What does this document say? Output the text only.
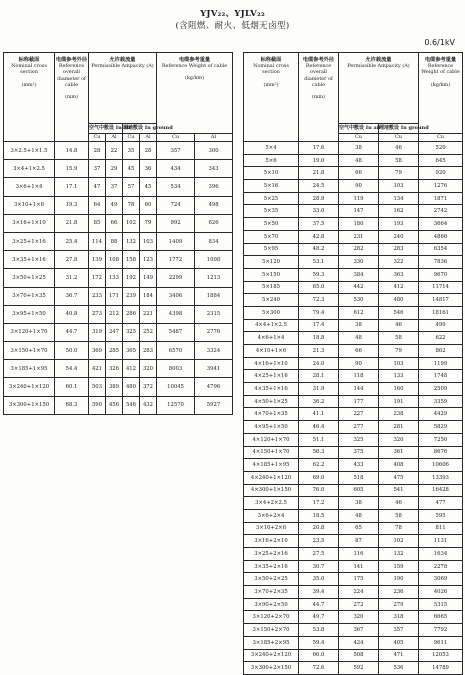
YJV₂₂、YJLV₂₂
(含阻燃、耐火、低烟无卤型)
0.6/1kV
标称截面
Nominal cross section
(mm²)	电缆参考外径
Reference overall diameter of cable
(mm)	允许载流量
Permissible Ampacity (A)				电缆参考重量
Reference Weight of cable
(kg/km)	

		空气中敷设 In air		埋地敷设 In ground			
		Cu	Al	Cu	Al	Cu	Al
3×2.5+1×1.5	14.8	28	22	35	28	357	300
3×4+1×2.5	15.9	37	29	45	36	434	343
3×6+1×4	17.1	47	37	57	45	534	396
3×10+1×6	19.3	64	49	78	60	724	498
3×16+1×10	21.8	85	66	102	79	992	626
3×25+1×16	25.4	114	88	132	103	1409	834
3×35+1×16	27.8	139	108	158	123	1772	1008
3×50+1×25	31.2	172	133	192	149	2299	1213
3×70+1×35	36.7	233	171	239	184	3406	1884
3×95+1×50	40.8	273	212	286	221	4398	2315
3×120+1×70	44.7	319	247	325	252	5487	2776
3×150+1×70	50.0	369	285	365	283	6570	3324
3×185+1×95	54.4	421	326	412	320	8003	3941
3×240+1×120	60.1	503	389	480	372	10045	4796
3×300+1×150	68.3	590	456	546	432	12570	5927
标称截面
Nominal cross section
(mm²)	电缆参考外径
Reference overall diameter of cable
(mm)	允许载流量
Permissible Ampacity (A)		电缆参考重量
Reference Weight of cable
(kg/km)

		空气中敷设 In air	埋地敷设 In ground	
		Cu	Cu	Cu
5×4	17.6	38	46	520
5×6	19.0	48	58	645
5×10	21.8	66	79	920
5×16	24.5	90	103	1276
5×25	28.9	119	134	1871
5×35	33.0	147	162	2742
5×50	37.5	180	193	3664
5×70	42.8	231	240	4866
5×95	48.2	282	283	6354
5×120	53.1	330	322	7836
5×150	59.3	384	363	9670
5×185	65.0	442	412	11714
5×240	72.3	530	480	14817
5×300	79.4	612	546	18161
4×4+1×2.5	17.4	38	46	499
4×6+1×4	18.8	48	58	622
4×10+1×6	21.3	66	79	862
4×16+1×10	24.0	90	103	1199
4×25+1×16	28.1	118	133	1748
4×35+1×16	31.9	144	160	2509
4×50+1×25	36.2	177	191	3359
4×70+1×35	41.1	227	238	4429
4×95+1×50	46.4	277	281	5829
4×120+1×70	51.1	325	320	7250
4×150+1×70	56.3	375	361	8676
4×185+1×95	62.2	433	408	10606
4×240+1×120	69.0	518	475	13393
4×300+1×150	76.0	605	541	16428
3×4+2×2.5	17.2	38	46	477
3×6+2×4	18.5	48	58	595
3×10+2×6	20.8	65	78	811
3×16+2×10	23.5	87	102	1131
3×25+2×16	27.5	116	132	1634
3×35+2×16	30.7	141	159	2278
3×50+2×25	35.0	175	190	3069
3×70+2×35	39.4	224	236	4026
3×90+2×50	44.7	272	279	5315
3×120+2×70	49.7	320	318	6665
3×150+2×70	53.8	367	357	7792
3×185+2×95	59.4	424	405	9611
3×240+2×120	66.0	508	471	12053
3×300+2×150	72.6	592	536	14789
